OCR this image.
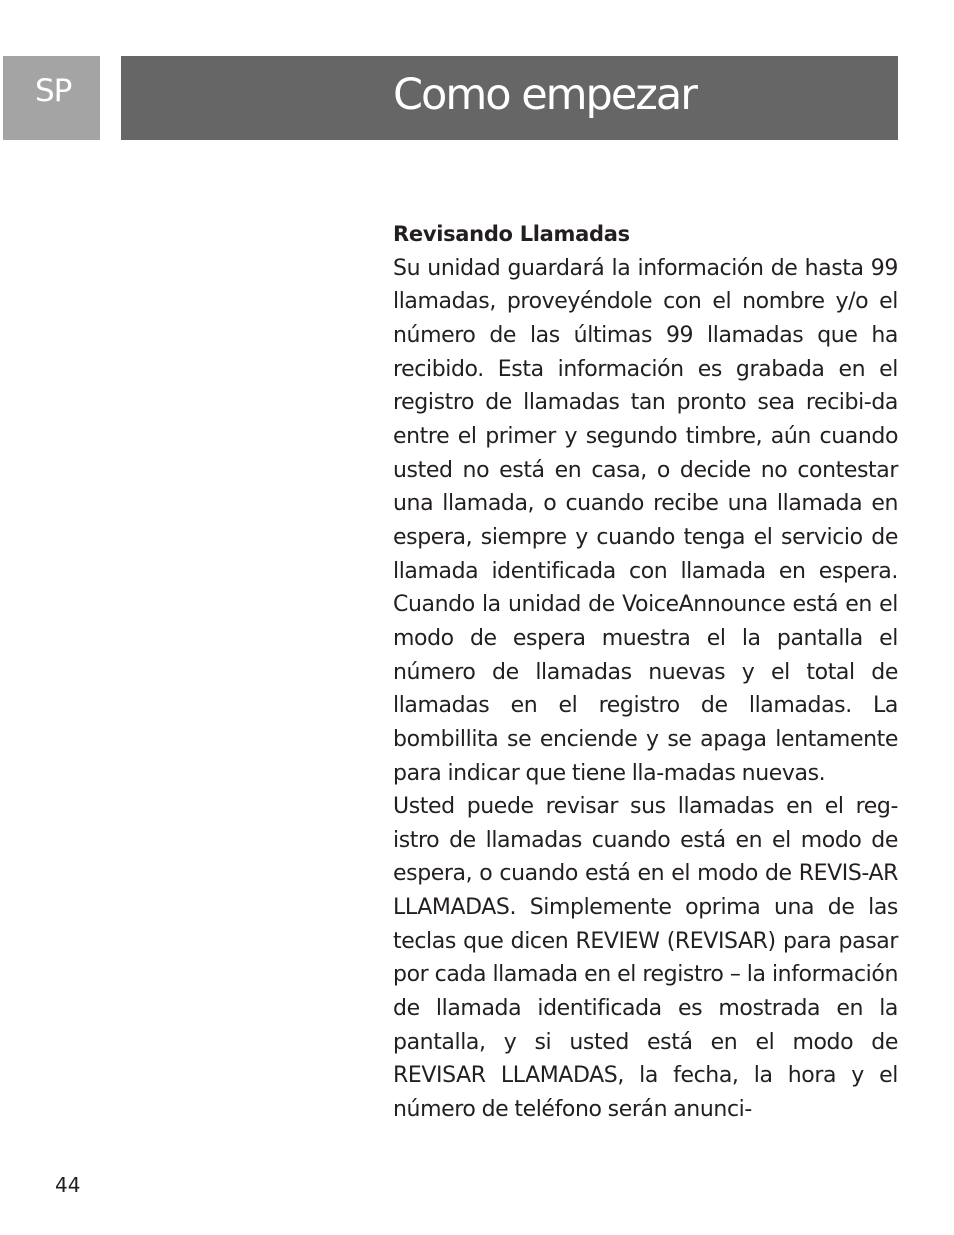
SP	Como empezar

Revisando Llamadas

Su unidad guardará la información de hasta 99 llamadas, proveyéndole con el nombre y/o el número de las últimas 99 llamadas que ha recibido. Esta información es grabada en el registro de llamadas tan pronto sea recibi-da entre el primer y segundo timbre, aún cuando usted no está en casa, o decide no contestar una llamada, o cuando recibe una llamada en espera, siempre y cuando tenga el servicio de llamada identificada con llamada en espera. Cuando la unidad de VoiceAnnounce está en el modo de espera muestra el la pantalla el número de llamadas nuevas y el total de llamadas en el registro de llamadas. La bombillita se enciende y se apaga lentamente para indicar que tiene lla-madas nuevas.

Usted puede revisar sus llamadas en el reg-istro de llamadas cuando está en el modo de espera, o cuando está en el modo de REVIS-AR LLAMADAS. Simplemente oprima una de las teclas que dicen REVIEW (REVISAR) para pasar por cada llamada en el registro – la información de llamada identificada es mostrada en la pantalla, y si usted está en el modo de REVISAR LLAMADAS, la fecha, la hora y el número de teléfono serán anunci-

44
